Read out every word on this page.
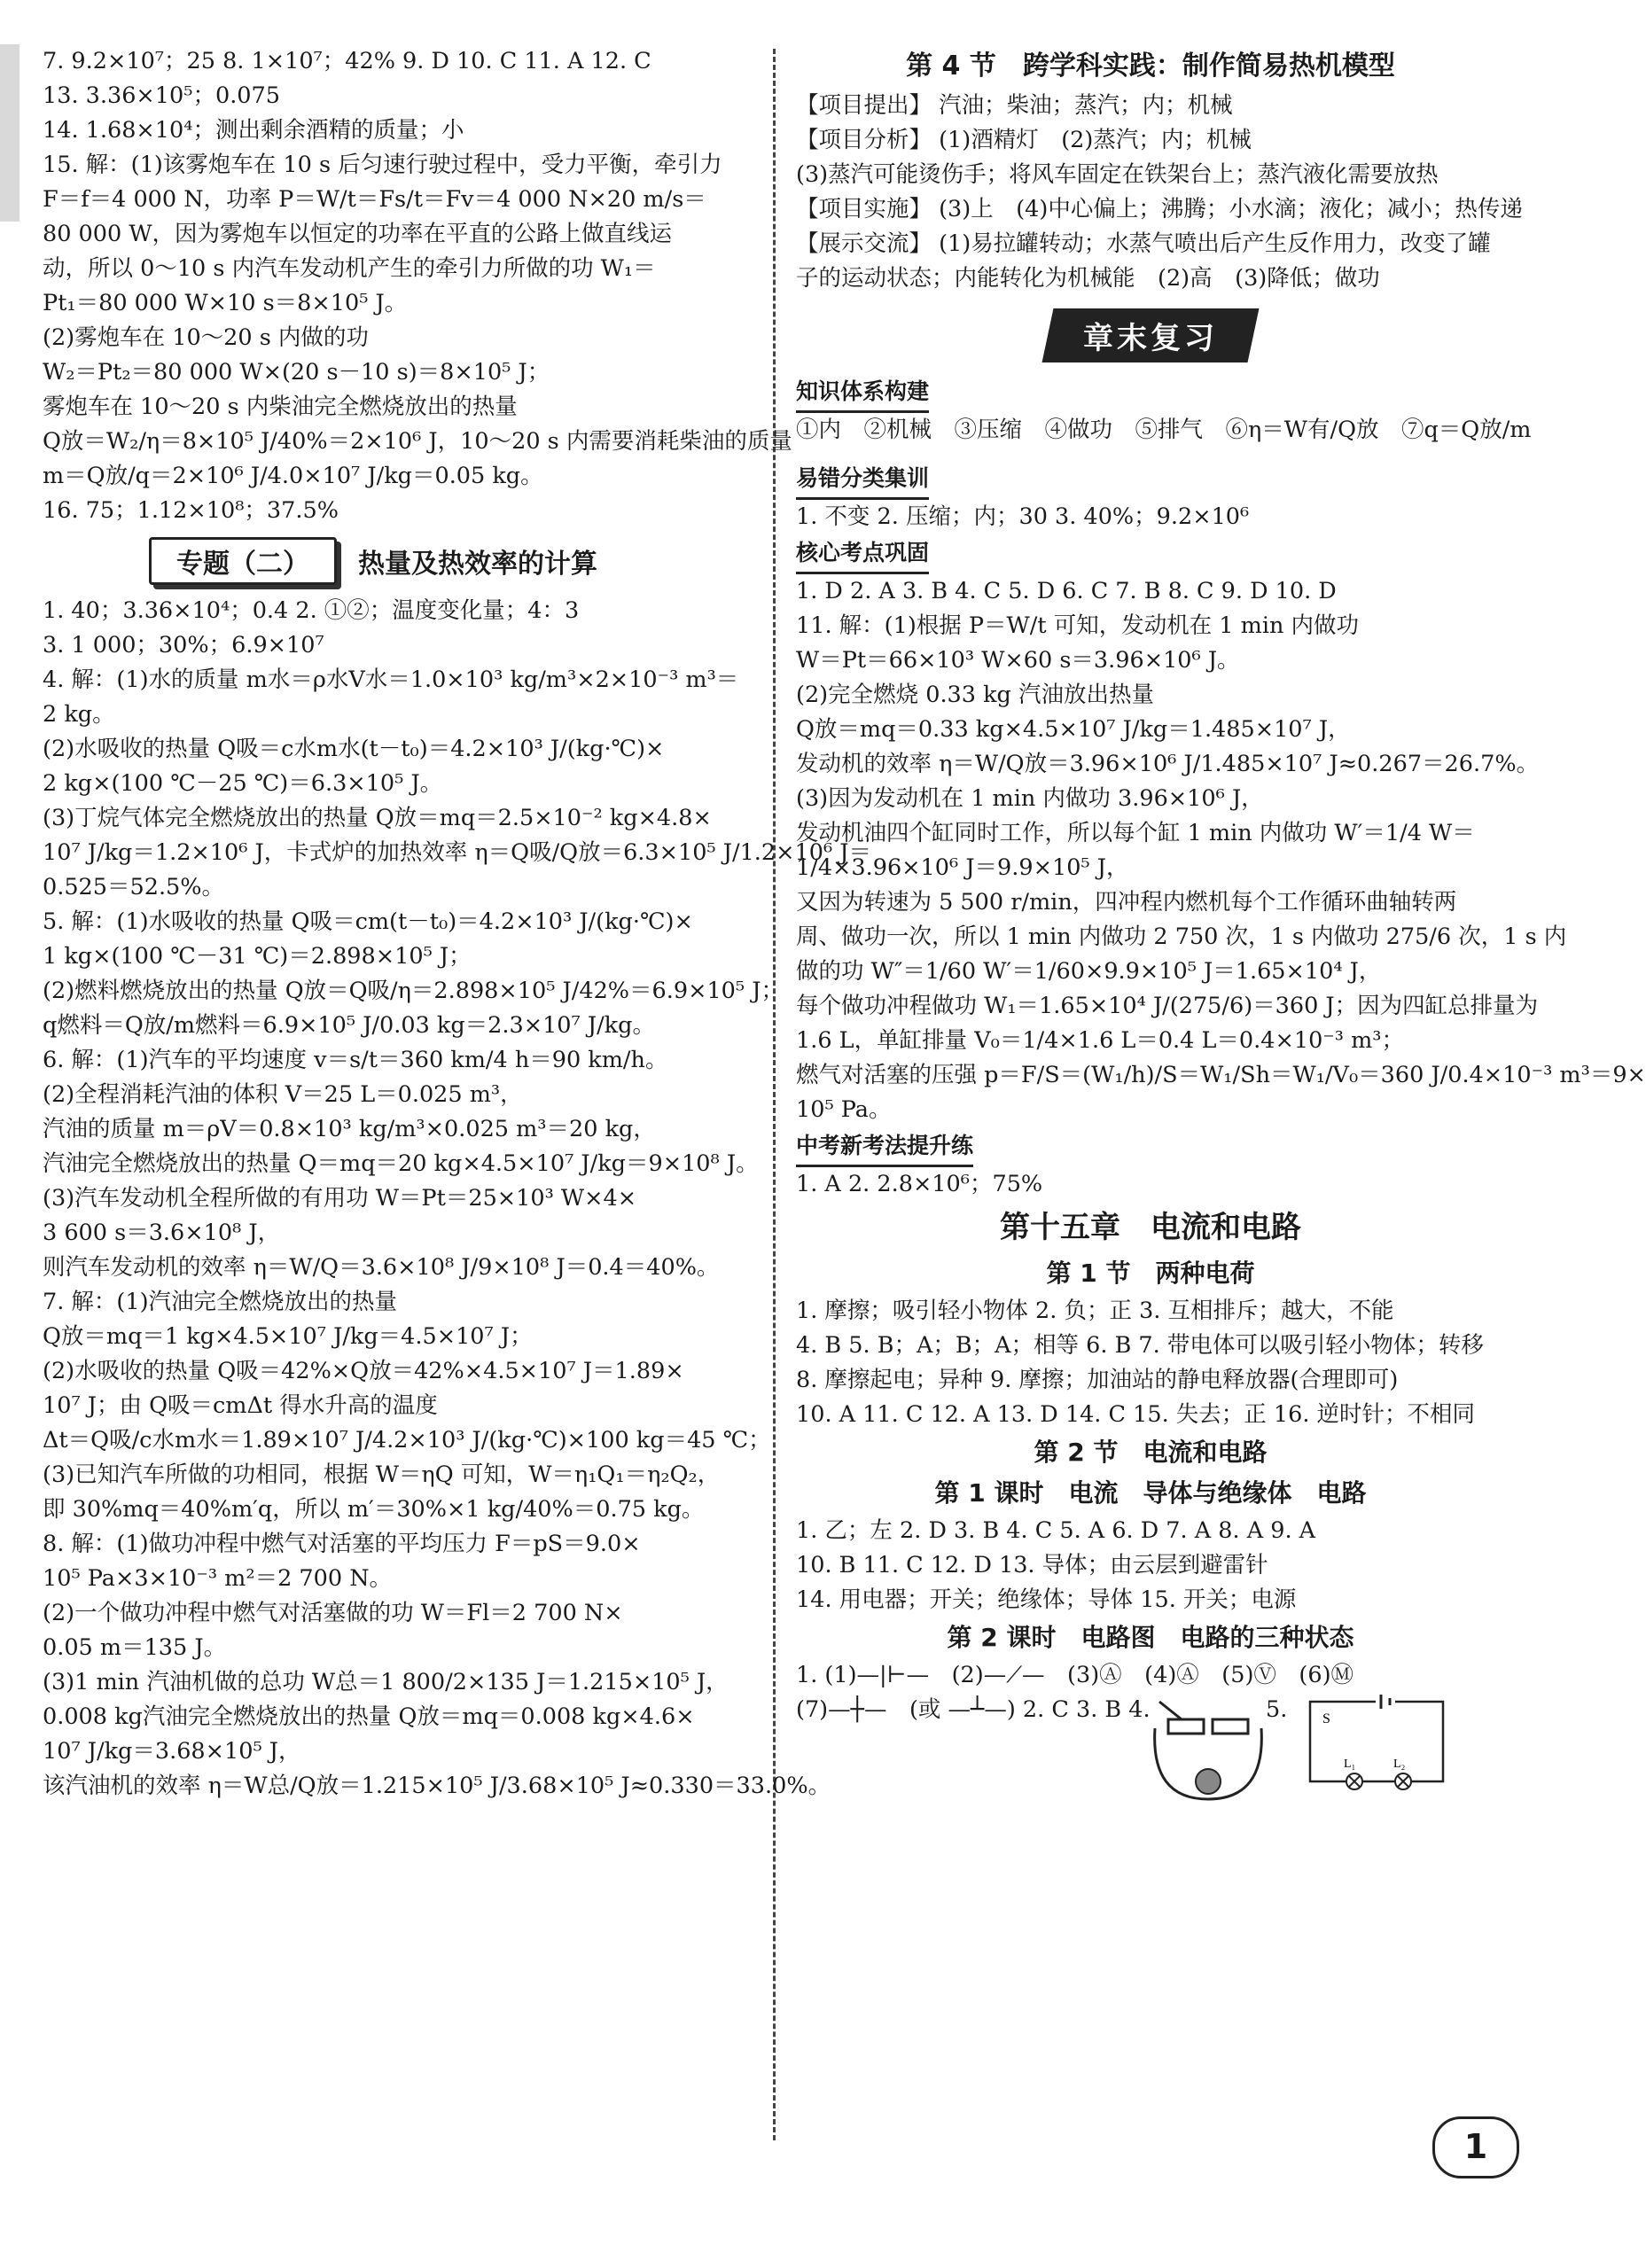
7. 9.2×10⁷；25 8. 1×10⁷；42% 9. D 10. C 11. A 12. C
13. 3.36×10⁵；0.075
14. 1.68×10⁴；测出剩余酒精的质量；小
15. 解：(1)该雾炮车在 10 s 后匀速行驶过程中，受力平衡，牵引力
F＝f＝4 000 N，功率 P＝W/t＝Fs/t＝Fv＝4 000 N×20 m/s＝
80 000 W，因为雾炮车以恒定的功率在平直的公路上做直线运
动，所以 0～10 s 内汽车发动机产生的牵引力所做的功 W₁＝
Pt₁＝80 000 W×10 s＝8×10⁵ J。
(2)雾炮车在 10～20 s 内做的功
W₂＝Pt₂＝80 000 W×(20 s－10 s)＝8×10⁵ J；
雾炮车在 10～20 s 内柴油完全燃烧放出的热量
Q放＝W₂/η＝8×10⁵ J/40%＝2×10⁶ J，10～20 s 内需要消耗柴油的质量
m＝Q放/q＝2×10⁶ J/4.0×10⁷ J/kg＝0.05 kg。
16. 75；1.12×10⁸；37.5%
专题（二）	热量及热效率的计算
1. 40；3.36×10⁴；0.4 2. ①②；温度变化量；4：3
3. 1 000；30%；6.9×10⁷
4. 解：(1)水的质量 m水＝ρ水V水＝1.0×10³ kg/m³×2×10⁻³ m³＝
2 kg。
(2)水吸收的热量 Q吸＝c水m水(t－t₀)＝4.2×10³ J/(kg·℃)×
2 kg×(100 ℃－25 ℃)＝6.3×10⁵ J。
(3)丁烷气体完全燃烧放出的热量 Q放＝mq＝2.5×10⁻² kg×4.8×
10⁷ J/kg＝1.2×10⁶ J，卡式炉的加热效率 η＝Q吸/Q放＝6.3×10⁵ J/1.2×10⁶ J＝
0.525＝52.5%。
5. 解：(1)水吸收的热量 Q吸＝cm(t－t₀)＝4.2×10³ J/(kg·℃)×
1 kg×(100 ℃－31 ℃)＝2.898×10⁵ J；
(2)燃料燃烧放出的热量 Q放＝Q吸/η＝2.898×10⁵ J/42%＝6.9×10⁵ J；
q燃料＝Q放/m燃料＝6.9×10⁵ J/0.03 kg＝2.3×10⁷ J/kg。
6. 解：(1)汽车的平均速度 v＝s/t＝360 km/4 h＝90 km/h。
(2)全程消耗汽油的体积 V＝25 L＝0.025 m³，
汽油的质量 m＝ρV＝0.8×10³ kg/m³×0.025 m³＝20 kg，
汽油完全燃烧放出的热量 Q＝mq＝20 kg×4.5×10⁷ J/kg＝9×10⁸ J。
(3)汽车发动机全程所做的有用功 W＝Pt＝25×10³ W×4×
3 600 s＝3.6×10⁸ J，
则汽车发动机的效率 η＝W/Q＝3.6×10⁸ J/9×10⁸ J＝0.4＝40%。
7. 解：(1)汽油完全燃烧放出的热量
Q放＝mq＝1 kg×4.5×10⁷ J/kg＝4.5×10⁷ J；
(2)水吸收的热量 Q吸＝42%×Q放＝42%×4.5×10⁷ J＝1.89×
10⁷ J；由 Q吸＝cmΔt 得水升高的温度
Δt＝Q吸/c水m水＝1.89×10⁷ J/4.2×10³ J/(kg·℃)×100 kg＝45 ℃；
(3)已知汽车所做的功相同，根据 W＝ηQ 可知，W＝η₁Q₁＝η₂Q₂，
即 30%mq＝40%m′q，所以 m′＝30%×1 kg/40%＝0.75 kg。
8. 解：(1)做功冲程中燃气对活塞的平均压力 F＝pS＝9.0×
10⁵ Pa×3×10⁻³ m²＝2 700 N。
(2)一个做功冲程中燃气对活塞做的功 W＝Fl＝2 700 N×
0.05 m＝135 J。
(3)1 min 汽油机做的总功 W总＝1 800/2×135 J＝1.215×10⁵ J，
0.008 kg汽油完全燃烧放出的热量 Q放＝mq＝0.008 kg×4.6×
10⁷ J/kg＝3.68×10⁵ J，
该汽油机的效率 η＝W总/Q放＝1.215×10⁵ J/3.68×10⁵ J≈0.330＝33.0%。
第 4 节　跨学科实践：制作简易热机模型
【项目提出】 汽油；柴油；蒸汽；内；机械
【项目分析】 (1)酒精灯　(2)蒸汽；内；机械
(3)蒸汽可能烫伤手；将风车固定在铁架台上；蒸汽液化需要放热
【项目实施】 (3)上　(4)中心偏上；沸腾；小水滴；液化；减小；热传递
【展示交流】 (1)易拉罐转动；水蒸气喷出后产生反作用力，改变了罐
子的运动状态；内能转化为机械能　(2)高　(3)降低；做功
章末复习
知识体系构建
①内　②机械　③压缩　④做功　⑤排气　⑥η＝W有/Q放　⑦q＝Q放/m
易错分类集训
1. 不变 2. 压缩；内；30 3. 40%；9.2×10⁶
核心考点巩固
1. D 2. A 3. B 4. C 5. D 6. C 7. B 8. C 9. D 10. D
11. 解：(1)根据 P＝W/t 可知，发动机在 1 min 内做功
W＝Pt＝66×10³ W×60 s＝3.96×10⁶ J。
(2)完全燃烧 0.33 kg 汽油放出热量
Q放＝mq＝0.33 kg×4.5×10⁷ J/kg＝1.485×10⁷ J，
发动机的效率 η＝W/Q放＝3.96×10⁶ J/1.485×10⁷ J≈0.267＝26.7%。
(3)因为发动机在 1 min 内做功 3.96×10⁶ J，
发动机油四个缸同时工作，所以每个缸 1 min 内做功 W′＝1/4 W＝
1/4×3.96×10⁶ J＝9.9×10⁵ J，
又因为转速为 5 500 r/min，四冲程内燃机每个工作循环曲轴转两
周、做功一次，所以 1 min 内做功 2 750 次，1 s 内做功 275/6 次，1 s 内
做的功 W″＝1/60 W′＝1/60×9.9×10⁵ J＝1.65×10⁴ J，
每个做功冲程做功 W₁＝1.65×10⁴ J/(275/6)＝360 J；因为四缸总排量为
1.6 L，单缸排量 V₀＝1/4×1.6 L＝0.4 L＝0.4×10⁻³ m³；
燃气对活塞的压强 p＝F/S＝(W₁/h)/S＝W₁/Sh＝W₁/V₀＝360 J/0.4×10⁻³ m³＝9×
10⁵ Pa。
中考新考法提升练
1. A 2. 2.8×10⁶；75%
第十五章　电流和电路
第 1 节　两种电荷
1. 摩擦；吸引轻小物体 2. 负；正 3. 互相排斥；越大，不能
4. B 5. B；A；B；A；相等 6. B 7. 带电体可以吸引轻小物体；转移
8. 摩擦起电；异种 9. 摩擦；加油站的静电释放器(合理即可)
10. A 11. C 12. A 13. D 14. C 15. 失去；正 16. 逆时针；不相同
第 2 节　电流和电路
第 1 课时　电流　导体与绝缘体　电路
1. 乙；左 2. D 3. B 4. C 5. A 6. D 7. A 8. A 9. A
10. B 11. C 12. D 13. 导体；由云层到避雷针
14. 用电器；开关；绝缘体；导体 15. 开关；电源
第 2 课时　电路图　电路的三种状态
1. (1)—|⊢—　(2)—⟋—　(3)Ⓐ　(4)Ⓐ　(5)Ⓥ　(6)Ⓜ
(7)—┼—　(或 —┴—) 2. C 3. B 4.	S
L₁	L₂
5.
1
